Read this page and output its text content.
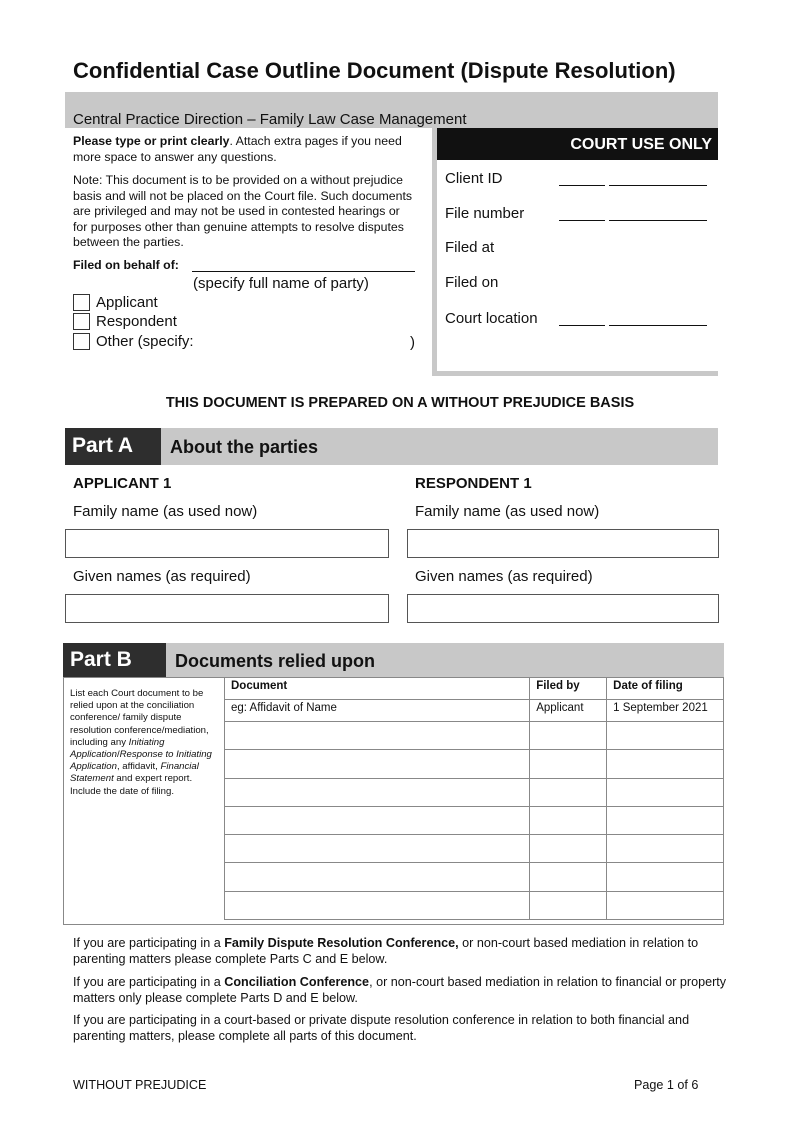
Confidential Case Outline Document (Dispute Resolution)
Central Practice Direction – Family Law Case Management
Please type or print clearly. Attach extra pages if you need more space to answer any questions.
Note: This document is to be provided on a without prejudice basis and will not be placed on the Court file. Such documents are privileged and may not be used in contested hearings or for purposes other than genuine attempts to resolve disputes between the parties.
Filed on behalf of:
(specify full name of party)
Applicant
Respondent
Other (specify:	)
COURT USE ONLY
Client ID
File number
Filed at
Filed on
Court location
THIS DOCUMENT IS PREPARED ON A WITHOUT PREJUDICE BASIS
Part A	About the parties
APPLICANT 1	RESPONDENT 1
Family name (as used now)	Family name (as used now)
Given names (as required)	Given names (as required)
Part B	Documents relied upon
List each Court document to be relied upon at the conciliation conference/ family dispute resolution conference/mediation, including any Initiating Application/Response to Initiating Application, affidavit, Financial Statement and expert report. Include the date of filing.
Document	Filed by	Date of filing
eg: Affidavit of Name	Applicant	1 September 2021

If you are participating in a Family Dispute Resolution Conference, or non-court based mediation in relation to parenting matters please complete Parts C and E below.
If you are participating in a Conciliation Conference, or non-court based mediation in relation to financial or property matters only please complete Parts D and E below.
If you are participating in a court-based or private dispute resolution conference in relation to both financial and parenting matters, please complete all parts of this document.
WITHOUT PREJUDICE	Page 1 of 6
